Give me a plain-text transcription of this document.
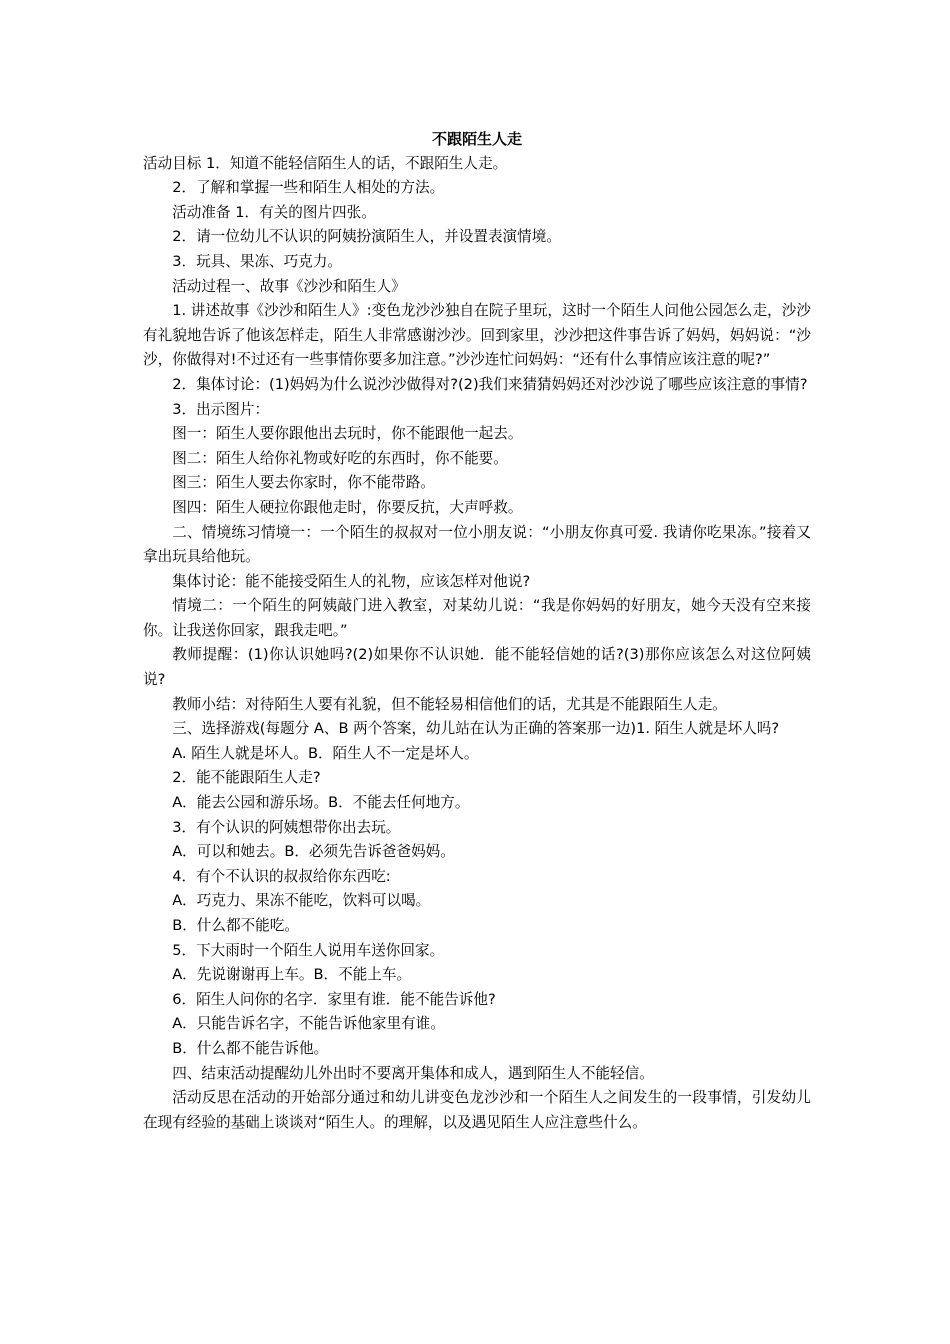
不跟陌生人走

活动目标 1．知道不能轻信陌生人的话，不跟陌生人走。

2．了解和掌握一些和陌生人相处的方法。

活动准备 1．有关的图片四张。

2．请一位幼儿不认识的阿姨扮演陌生人，并设置表演情境。

3．玩具、果冻、巧克力。

活动过程一、故事《沙沙和陌生人》

1. 讲述故事《沙沙和陌生人》:变色龙沙沙独自在院子里玩，这时一个陌生人问他公园怎么走，沙沙有礼貌地告诉了他该怎样走，陌生人非常感谢沙沙。回到家里，沙沙把这件事告诉了妈妈，妈妈说：“沙沙，你做得对!不过还有一些事情你要多加注意。”沙沙连忙问妈妈：“还有什么事情应该注意的呢?”

2．集体讨论：(1)妈妈为什么说沙沙做得对?(2)我们来猜猜妈妈还对沙沙说了哪些应该注意的事情?

3．出示图片：

图一：陌生人要你跟他出去玩时，你不能跟他一起去。

图二：陌生人给你礼物或好吃的东西时，你不能要。

图三：陌生人要去你家时，你不能带路。

图四：陌生人硬拉你跟他走时，你要反抗，大声呼救。

二、情境练习情境一：一个陌生的叔叔对一位小朋友说：“小朋友你真可爱. 我请你吃果冻。”接着又拿出玩具给他玩。

集体讨论：能不能接受陌生人的礼物，应该怎样对他说?

情境二：一个陌生的阿姨敲门进入教室，对某幼儿说：“我是你妈妈的好朋友，她今天没有空来接你。让我送你回家，跟我走吧。”

教师提醒：(1)你认识她吗?(2)如果你不认识她．能不能轻信她的话?(3)那你应该怎么对这位阿姨说?

教师小结：对待陌生人要有礼貌，但不能轻易相信他们的话，尤其是不能跟陌生人走。

三、选择游戏(每题分 A、B 两个答案，幼儿站在认为正确的答案那一边)1. 陌生人就是坏人吗?

A. 陌生人就是坏人。B．陌生人不一定是坏人。

2．能不能跟陌生人走?

A．能去公园和游乐场。B．不能去任何地方。

3．有个认识的阿姨想带你出去玩。

A．可以和她去。B．必须先告诉爸爸妈妈。

4．有个不认识的叔叔给你东西吃:

A．巧克力、果冻不能吃，饮料可以喝。

B．什么都不能吃。

5．下大雨时一个陌生人说用车送你回家。

A．先说谢谢再上车。B．不能上车。

6．陌生人问你的名字．家里有谁．能不能告诉他?

A．只能告诉名字，不能告诉他家里有谁。

B．什么都不能告诉他。

四、结束活动提醒幼儿外出时不要离开集体和成人，遇到陌生人不能轻信。

活动反思在活动的开始部分通过和幼儿讲变色龙沙沙和一个陌生人之间发生的一段事情，引发幼儿在现有经验的基础上谈谈对“陌生人。的理解，以及遇见陌生人应注意些什么。
